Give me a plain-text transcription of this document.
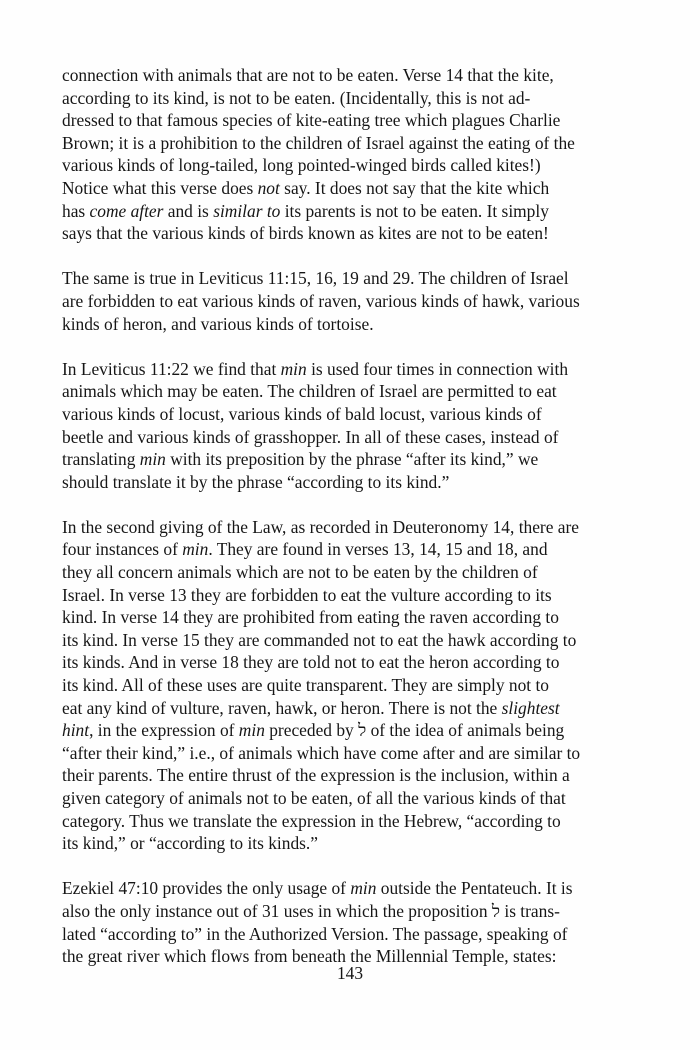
connection with animals that are not to be eaten. Verse 14 that the kite,
according to its kind, is not to be eaten. (Incidentally, this is not ad-
dressed to that famous species of kite-eating tree which plagues Charlie
Brown; it is a prohibition to the children of Israel against the eating of the
various kinds of long-tailed, long pointed-winged birds called kites!)
Notice what this verse does not say. It does not say that the kite which
has come after and is similar to its parents is not to be eaten. It simply
says that the various kinds of birds known as kites are not to be eaten!

The same is true in Leviticus 11:15, 16, 19 and 29. The children of Israel
are forbidden to eat various kinds of raven, various kinds of hawk, various
kinds of heron, and various kinds of tortoise.

In Leviticus 11:22 we find that min is used four times in connection with
animals which may be eaten. The children of Israel are permitted to eat
various kinds of locust, various kinds of bald locust, various kinds of
beetle and various kinds of grasshopper. In all of these cases, instead of
translating min with its preposition by the phrase “after its kind,” we
should translate it by the phrase “according to its kind.”

In the second giving of the Law, as recorded in Deuteronomy 14, there are
four instances of min. They are found in verses 13, 14, 15 and 18, and
they all concern animals which are not to be eaten by the children of
Israel. In verse 13 they are forbidden to eat the vulture according to its
kind. In verse 14 they are prohibited from eating the raven according to
its kind. In verse 15 they are commanded not to eat the hawk according to
its kinds. And in verse 18 they are told not to eat the heron according to
its kind. All of these uses are quite transparent. They are simply not to
eat any kind of vulture, raven, hawk, or heron. There is not the slightest
hint, in the expression of min preceded by ל of the idea of animals being
“after their kind,” i.e., of animals which have come after and are similar to
their parents. The entire thrust of the expression is the inclusion, within a
given category of animals not to be eaten, of all the various kinds of that
category. Thus we translate the expression in the Hebrew, “according to
its kind,” or “according to its kinds.”

Ezekiel 47:10 provides the only usage of min outside the Pentateuch. It is
also the only instance out of 31 uses in which the proposition ל is trans-
lated “according to” in the Authorized Version. The passage, speaking of
the great river which flows from beneath the Millennial Temple, states:

143
